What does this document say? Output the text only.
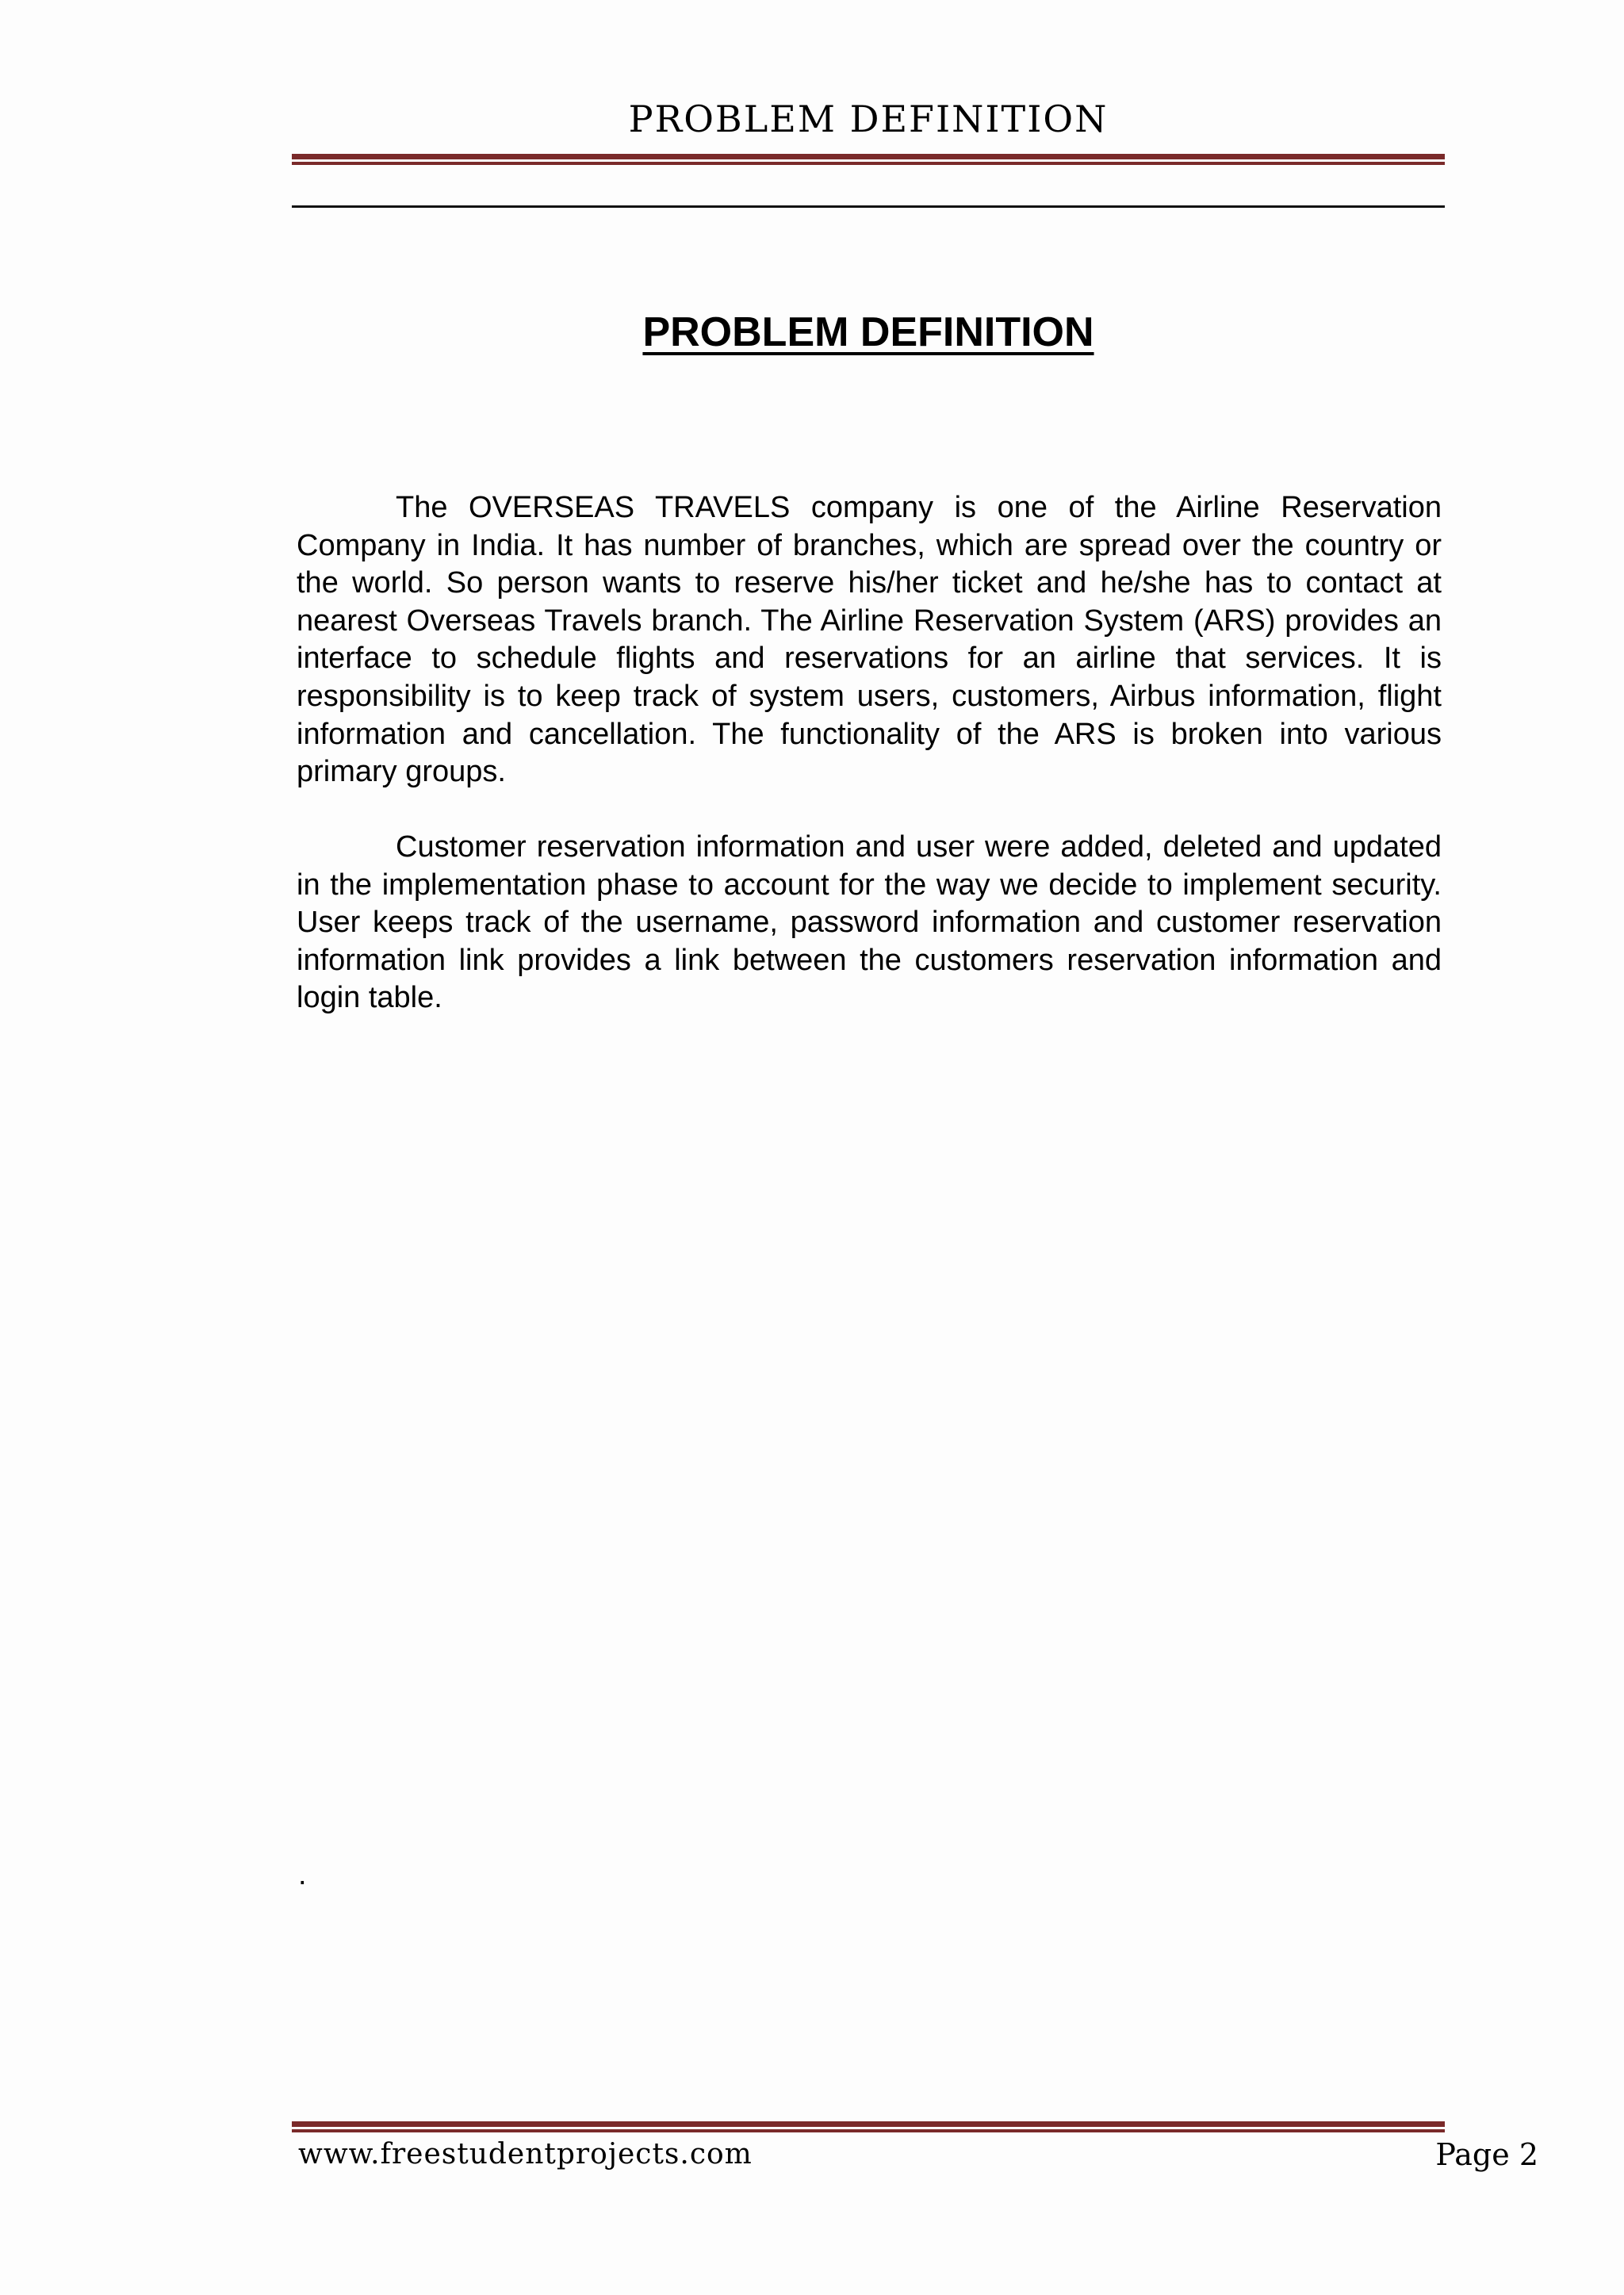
PROBLEM DEFINITION
PROBLEM DEFINITION

The OVERSEAS TRAVELS company is one of the Airline Reservation Company in India. It has number of branches, which are spread over the country or the world. So person wants to reserve his/her ticket and he/she has to contact at nearest Overseas Travels branch. The Airline Reservation System (ARS) provides an interface to schedule flights and reservations for an airline that services. It is responsibility is to keep track of system users, customers, Airbus information, flight information and cancellation. The functionality of the ARS is broken into various primary groups.

Customer reservation information and user were added, deleted and updated in the implementation phase to account for the way we decide to implement security. User keeps track of the username, password information and customer reservation information link provides a link between the customers reservation information and login table.

.
www.freestudentprojects.com	Page 2
